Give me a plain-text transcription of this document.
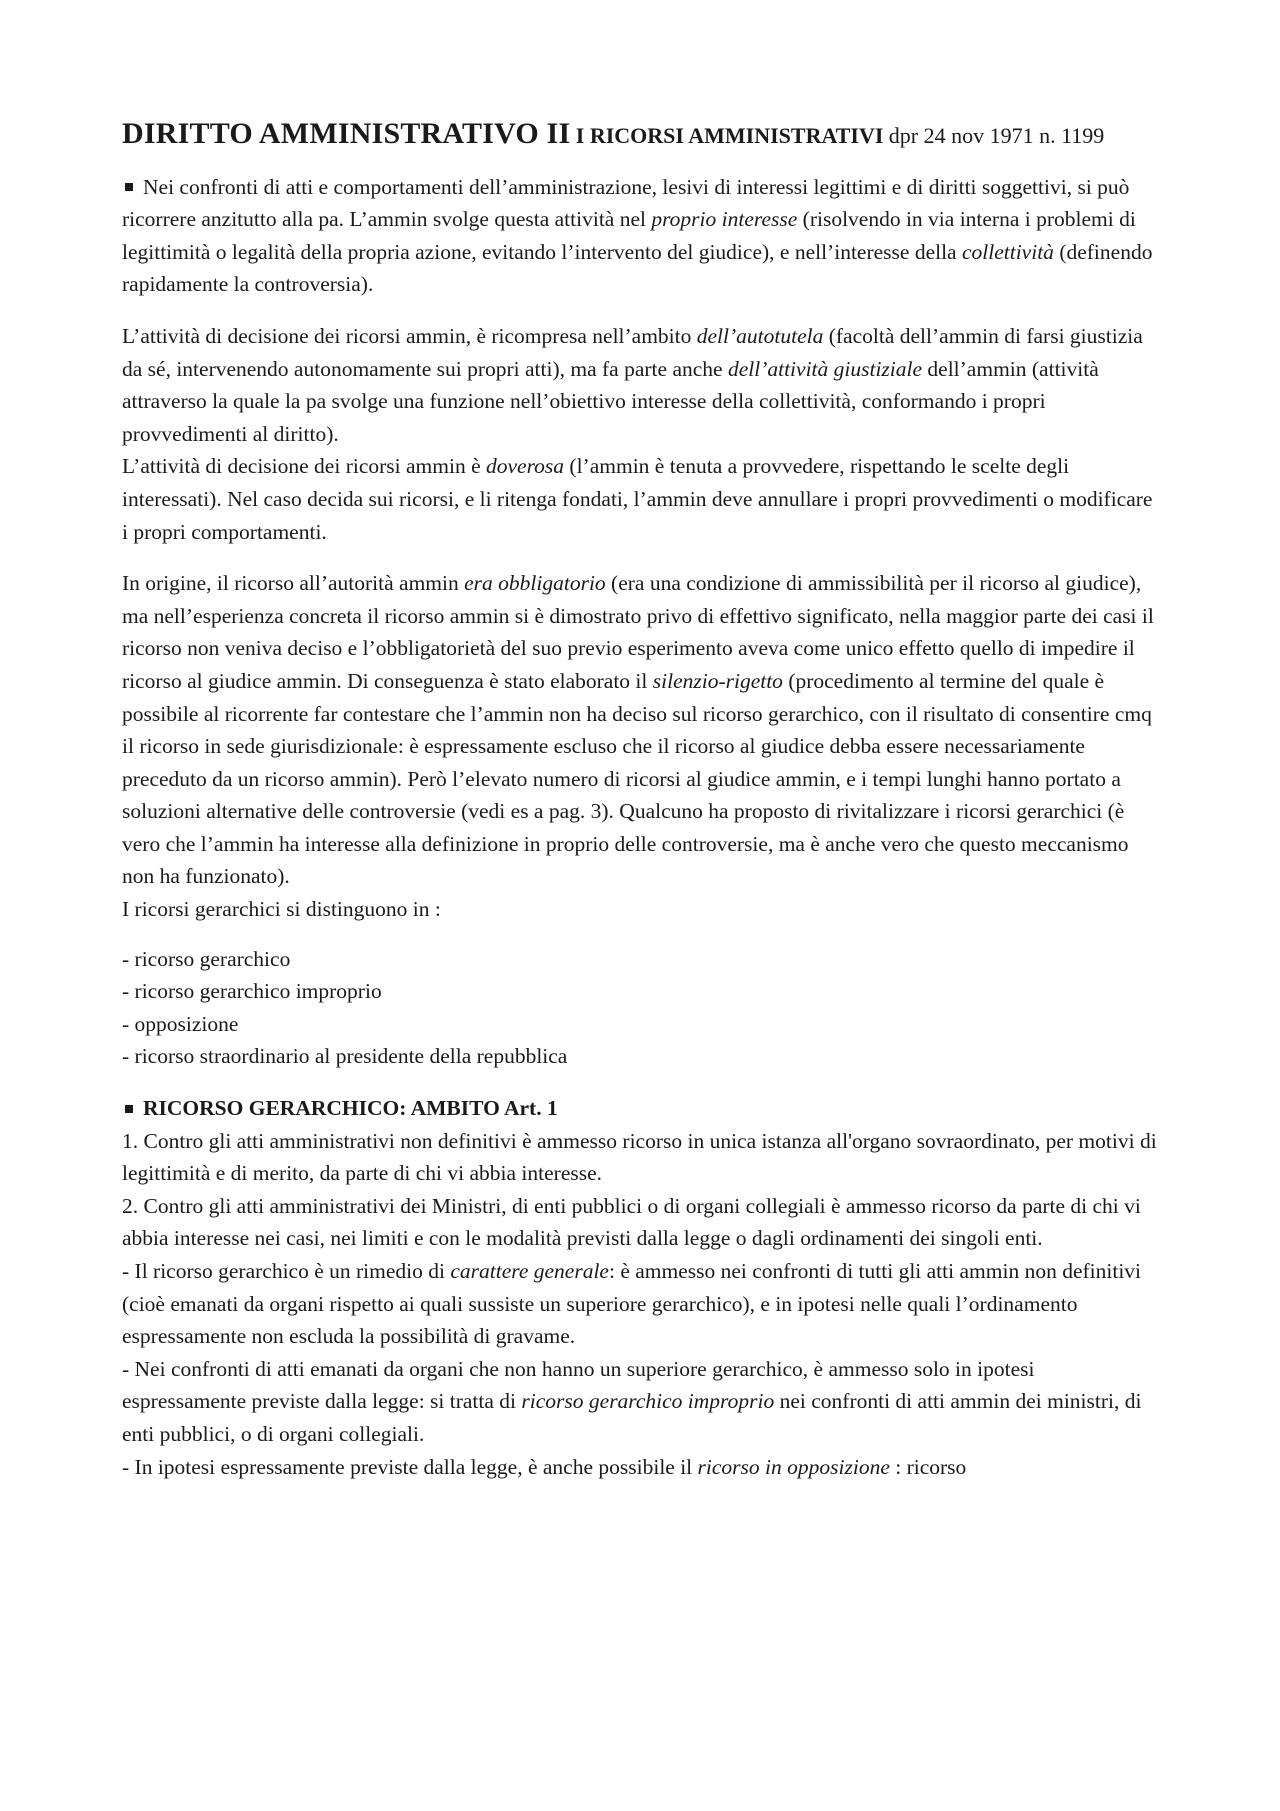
DIRITTO AMMINISTRATIVO II I RICORSI AMMINISTRATIVI dpr 24 nov 1971 n. 1199

Nei confronti di atti e comportamenti dell’amministrazione, lesivi di interessi legittimi e di diritti soggettivi, si può ricorrere anzitutto alla pa. L’ammin svolge questa attività nel proprio interesse (risolvendo in via interna i problemi di legittimità o legalità della propria azione, evitando l’intervento del giudice), e nell’interesse della collettività (definendo rapidamente la controversia).

L’attività di decisione dei ricorsi ammin, è ricompresa nell’ambito dell’autotutela (facoltà dell’ammin di farsi giustizia da sé, intervenendo autonomamente sui propri atti), ma fa parte anche dell’attività giustiziale dell’ammin (attività attraverso la quale la pa svolge una funzione nell’obiettivo interesse della collettività, conformando i propri provvedimenti al diritto).
L’attività di decisione dei ricorsi ammin è doverosa (l’ammin è tenuta a provvedere, rispettando le scelte degli interessati). Nel caso decida sui ricorsi, e li ritenga fondati, l’ammin deve annullare i propri provvedimenti o modificare i propri comportamenti.

In origine, il ricorso all’autorità ammin era obbligatorio (era una condizione di ammissibilità per il ricorso al giudice), ma nell’esperienza concreta il ricorso ammin si è dimostrato privo di effettivo significato, nella maggior parte dei casi il ricorso non veniva deciso e l’obbligatorietà del suo previo esperimento aveva come unico effetto quello di impedire il ricorso al giudice ammin. Di conseguenza è stato elaborato il silenzio-rigetto (procedimento al termine del quale è possibile al ricorrente far contestare che l’ammin non ha deciso sul ricorso gerarchico, con il risultato di consentire cmq il ricorso in sede giurisdizionale: è espressamente escluso che il ricorso al giudice debba essere necessariamente preceduto da un ricorso ammin). Però l’elevato numero di ricorsi al giudice ammin, e i tempi lunghi hanno portato a soluzioni alternative delle controversie (vedi es a pag. 3). Qualcuno ha proposto di rivitalizzare i ricorsi gerarchici (è vero che l’ammin ha interesse alla definizione in proprio delle controversie, ma è anche vero che questo meccanismo non ha funzionato).
I ricorsi gerarchici si distinguono in :

- ricorso gerarchico
- ricorso gerarchico improprio
- opposizione
- ricorso straordinario al presidente della repubblica

RICORSO GERARCHICO: AMBITO Art. 1

1. Contro gli atti amministrativi non definitivi è ammesso ricorso in unica istanza all'organo sovraordinato, per motivi di legittimità e di merito, da parte di chi vi abbia interesse.

2. Contro gli atti amministrativi dei Ministri, di enti pubblici o di organi collegiali è ammesso ricorso da parte di chi vi abbia interesse nei casi, nei limiti e con le modalità previsti dalla legge o dagli ordinamenti dei singoli enti.

- Il ricorso gerarchico è un rimedio di carattere generale: è ammesso nei confronti di tutti gli atti ammin non definitivi (cioè emanati da organi rispetto ai quali sussiste un superiore gerarchico), e in ipotesi nelle quali l’ordinamento espressamente non escluda la possibilità di gravame.

- Nei confronti di atti emanati da organi che non hanno un superiore gerarchico, è ammesso solo in ipotesi espressamente previste dalla legge: si tratta di ricorso gerarchico improprio nei confronti di atti ammin dei ministri, di enti pubblici, o di organi collegiali.

- In ipotesi espressamente previste dalla legge, è anche possibile il ricorso in opposizione : ricorso
